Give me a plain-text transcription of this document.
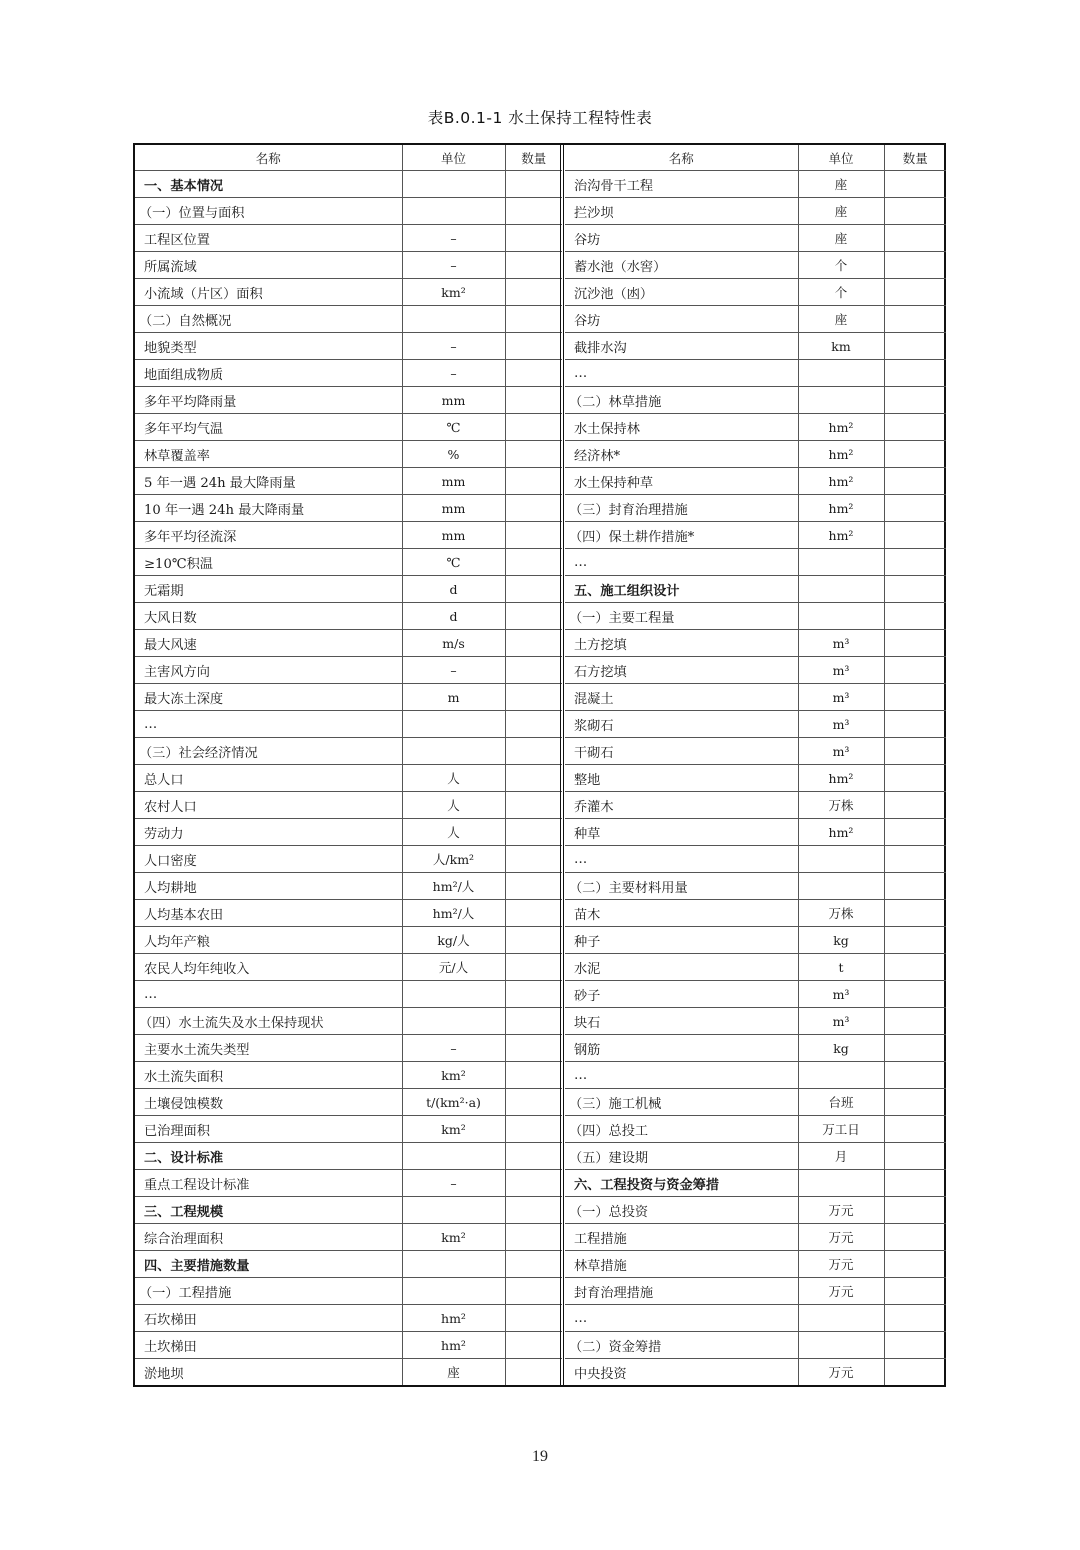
表B.0.1-1 水土保持工程特性表
名称	单位	数量
一、基本情况		
（一）位置与面积		
工程区位置	–	
所属流域	–	
小流域（片区）面积	km²	
（二）自然概况		
地貌类型	–	
地面组成物质	–	
多年平均降雨量	mm	
多年平均气温	℃	
林草覆盖率	%	
5 年一遇 24h 最大降雨量	mm	
10 年一遇 24h 最大降雨量	mm	
多年平均径流深	mm	
≥10℃积温	℃	
无霜期	d	
大风日数	d	
最大风速	m/s	
主害风方向	–	
最大冻土深度	m	
…		
（三）社会经济情况		
总人口	人	
农村人口	人	
劳动力	人	
人口密度	人/km²	
人均耕地	hm²/人	
人均基本农田	hm²/人	
人均年产粮	kg/人	
农民人均年纯收入	元/人	
…		
（四）水土流失及水土保持现状		
主要水土流失类型	–	
水土流失面积	km²	
土壤侵蚀模数	t/(km²·a)	
已治理面积	km²	
二、设计标准		
重点工程设计标准	–	
三、工程规模		
综合治理面积	km²	
四、主要措施数量		
（一）工程措施		
石坎梯田	hm²	
土坎梯田	hm²	
淤地坝	座	
名称	单位	数量
治沟骨干工程	座	
拦沙坝	座	
谷坊	座	
蓄水池（水窖）	个	
沉沙池（凼）	个	
谷坊	座	
截排水沟	km	
…		
（二）林草措施		
水土保持林	hm²	
经济林*	hm²	
水土保持种草	hm²	
（三）封育治理措施	hm²	
（四）保土耕作措施*	hm²	
…		
五、施工组织设计		
（一）主要工程量		
土方挖填	m³	
石方挖填	m³	
混凝土	m³	
浆砌石	m³	
干砌石	m³	
整地	hm²	
乔灌木	万株	
种草	hm²	
…		
（二）主要材料用量		
苗木	万株	
种子	kg	
水泥	t	
砂子	m³	
块石	m³	
钢筋	kg	
…		
（三）施工机械	台班	
（四）总投工	万工日	
（五）建设期	月	
六、工程投资与资金筹措		
（一）总投资	万元	
工程措施	万元	
林草措施	万元	
封育治理措施	万元	
…		
（二）资金筹措		
中央投资	万元	
19
